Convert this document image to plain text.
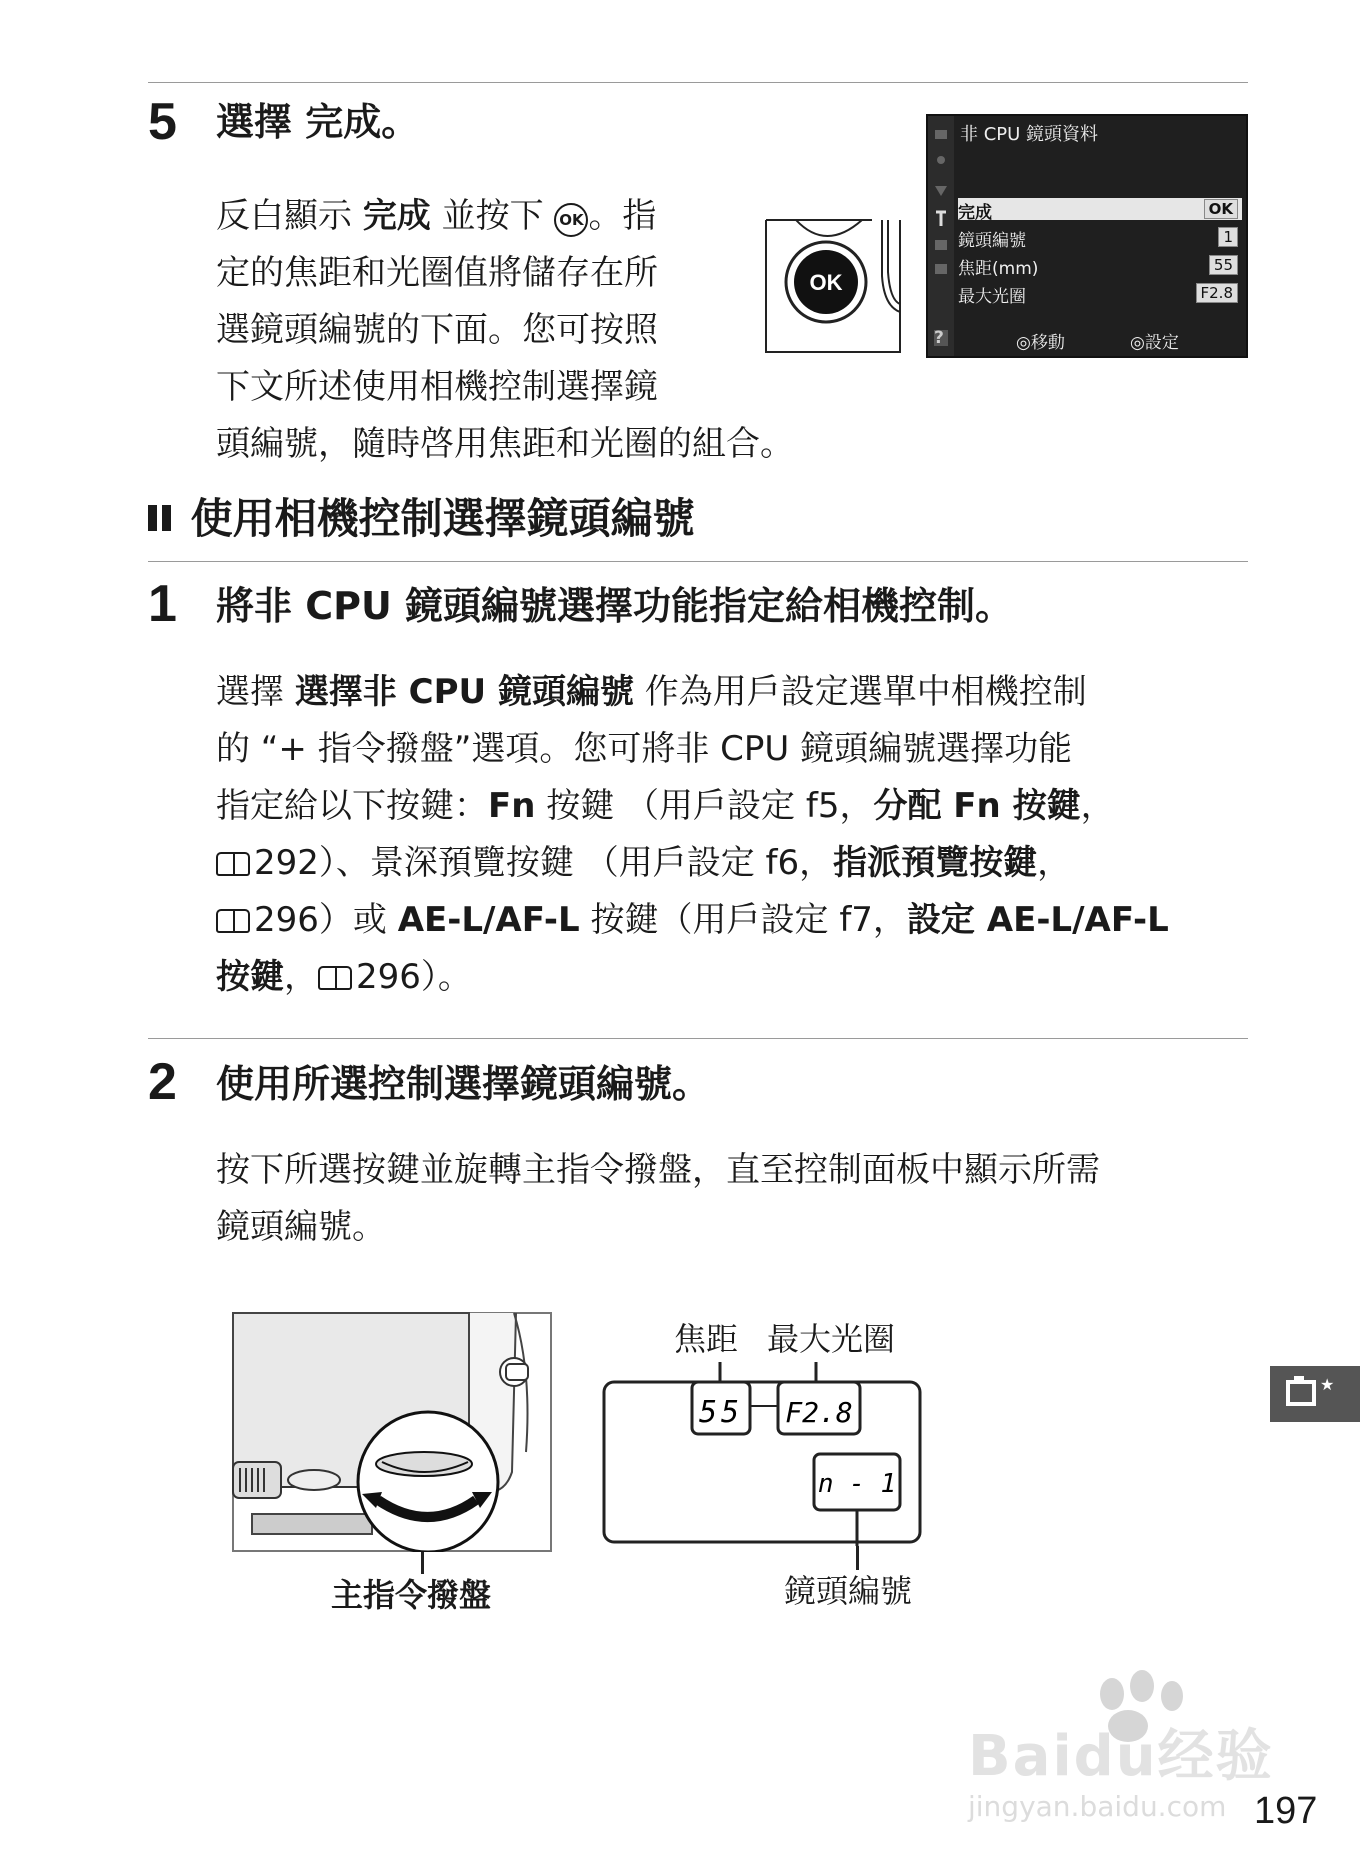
5 選擇 完成。
反白顯示 完成 並按下 OK 。指
定的焦距和光圈值將儲存在所
選鏡頭編號的下面。您可按照
下文所述使用相機控制選擇鏡
頭編號，隨時啓用焦距和光圈的組合。
OK
非 CPU 鏡頭資料
完成	OK
鏡頭編號	1
焦距(mm)	55
最大光圈	F2.8
?	◎移動	◎設定
使用相機控制選擇鏡頭編號
1 將非 CPU 鏡頭編號選擇功能指定給相機控制。
選擇 選擇非 CPU 鏡頭編號 作為用戶設定選單中相機控制
的 “+ 指令撥盤”選項。您可將非 CPU 鏡頭編號選擇功能
指定給以下按鍵：Fn 按鍵 （用戶設定 f5，分配 Fn 按鍵，
292）、景深預覽按鍵 （用戶設定 f6，指派預覽按鍵，
296）或 AE-L/AF-L 按鍵（用戶設定 f7，設定 AE-L/AF-L
按鍵， 296）。
2 使用所選控制選擇鏡頭編號。
按下所選按鍵並旋轉主指令撥盤，直至控制面板中顯示所需
鏡頭編號。
主指令撥盤
焦距 最大光圈
55 F2.8
n - 1
鏡頭編號
★
Baidu经验
jingyan.baidu.com 197
